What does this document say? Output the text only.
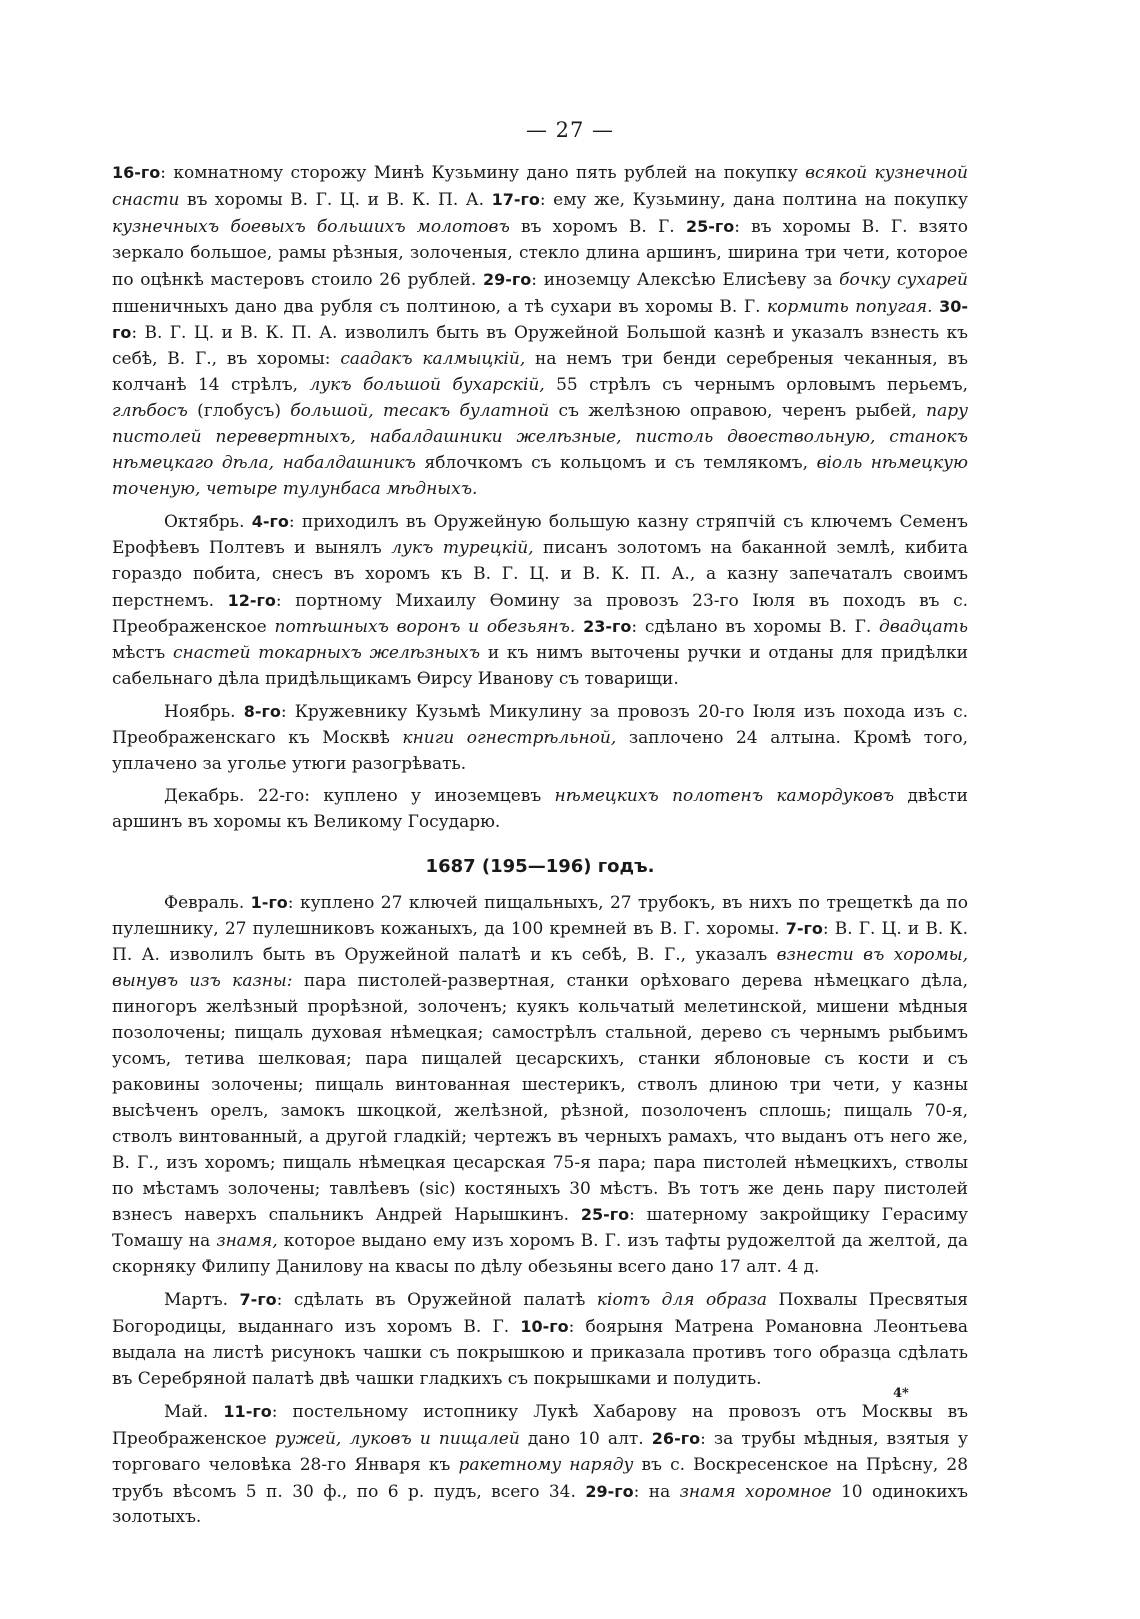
— 27 —

16-го: комнатному сторожу Минѣ Кузьмину дано пять рублей на покупку всякой кузнечной снасти въ хоромы В. Г. Ц. и В. К. П. А. 17-го: ему же, Кузьмину, дана полтина на покупку кузнечныхъ боевыхъ большихъ молотовъ въ хоромъ В. Г. 25-го: въ хоромы В. Г. взято зеркало большое, рамы рѣзныя, золоченыя, стекло длина аршинъ, ширина три чети, которое по оцѣнкѣ мастеровъ стоило 26 рублей. 29-го: иноземцу Алексѣю Елисѣеву за бочку сухарей пшеничныхъ дано два рубля съ полтиною, а тѣ сухари въ хоромы В. Г. кормить попугая. 30-го: В. Г. Ц. и В. К. П. А. изволилъ быть въ Оружейной Большой казнѣ и указалъ взнесть къ себѣ, В. Г., въ хоромы: саадакъ калмыцкій, на немъ три бенди серебреныя чеканныя, въ колчанѣ 14 стрѣлъ, лукъ большой бухарскій, 55 стрѣлъ съ чернымъ орловымъ перьемъ, глѣбосъ (глобусъ) большой, тесакъ булатной съ желѣзною оправою, черенъ рыбей, пару пистолей перевертныхъ, набалдашники желѣзные, пистоль двоествольную, станокъ нѣмецкаго дѣла, набалдашникъ яблочкомъ съ кольцомъ и съ темлякомъ, віоль нѣмецкую точеную, четыре тулунбаса мѣдныхъ.

Октябрь. 4-го: приходилъ въ Оружейную большую казну стряпчій съ ключемъ Семенъ Ерофѣевъ Полтевъ и вынялъ лукъ турецкій, писанъ золотомъ на баканной землѣ, кибита гораздо побита, снесъ въ хоромъ къ В. Г. Ц. и В. К. П. А., а казну запечаталъ своимъ перстнемъ. 12-го: портному Михаилу Ѳомину за провозъ 23-го Іюля въ походъ въ с. Преображенское потѣшныхъ воронъ и обезьянъ. 23-го: сдѣлано въ хоромы В. Г. двадцать мѣстъ снастей токарныхъ желѣзныхъ и къ нимъ выточены ручки и отданы для придѣлки сабельнаго дѣла придѣльщикамъ Ѳирсу Иванову съ товарищи.

Ноябрь. 8-го: Кружевнику Кузьмѣ Микулину за провозъ 20-го Іюля изъ похода изъ с. Преображенскаго къ Москвѣ книги огнестрѣльной, заплочено 24 алтына. Кромѣ того, уплачено за уголье утюги разогрѣвать.

Декабрь. 22-го: куплено у иноземцевъ нѣмецкихъ полотенъ камордуковъ двѣсти аршинъ въ хоромы къ Великому Государю.

1687 (195—196) годъ.

Февраль. 1-го: куплено 27 ключей пищальныхъ, 27 трубокъ, въ нихъ по трещеткѣ да по пулешнику, 27 пулешниковъ кожаныхъ, да 100 кремней въ В. Г. хоромы. 7-го: В. Г. Ц. и В. К. П. А. изволилъ быть въ Оружейной палатѣ и къ себѣ, В. Г., указалъ взнести въ хоромы, вынувъ изъ казны: пара пистолей-развертная, станки орѣховаго дерева нѣмецкаго дѣла, пиногоръ желѣзный прорѣзной, золоченъ; куякъ кольчатый мелетинской, мишени мѣдныя позолочены; пищаль духовая нѣмецкая; самострѣлъ стальной, дерево съ чернымъ рыбьимъ усомъ, тетива шелковая; пара пищалей цесарскихъ, станки яблоновые съ кости и съ раковины золочены; пищаль винтованная шестерикъ, стволъ длиною три чети, у казны высѣченъ орелъ, замокъ шкоцкой, желѣзной, рѣзной, позолоченъ сплошь; пищаль 70-я, стволъ винтованный, а другой гладкій; чертежъ въ черныхъ рамахъ, что выданъ отъ него же, В. Г., изъ хоромъ; пищаль нѣмецкая цесарская 75-я пара; пара пистолей нѣмецкихъ, стволы по мѣстамъ золочены; тавлѣевъ (sic) костяныхъ 30 мѣстъ. Въ тотъ же день пару пистолей взнесъ наверхъ спальникъ Андрей Нарышкинъ. 25-го: шатерному закройщику Герасиму Томашу на знамя, которое выдано ему изъ хоромъ В. Г. изъ тафты рудожелтой да желтой, да скорняку Филипу Данилову на квасы по дѣлу обезьяны всего дано 17 алт. 4 д.

Мартъ. 7-го: сдѣлать въ Оружейной палатѣ кіотъ для образа Похвалы Пресвятыя Богородицы, выданнаго изъ хоромъ В. Г. 10-го: боярыня Матрена Романовна Леонтьева выдала на листѣ рисунокъ чашки съ покрышкою и приказала противъ того образца сдѣлать въ Серебряной палатѣ двѣ чашки гладкихъ съ покрышками и полудить.

Май. 11-го: постельному истопнику Лукѣ Хабарову на провозъ отъ Москвы въ Преображенское ружей, луковъ и пищалей дано 10 алт. 26-го: за трубы мѣдныя, взятыя у торговаго человѣка 28-го Января къ ракетному наряду въ с. Воскресенское на Прѣсну, 28 трубъ вѣсомъ 5 п. 30 ф., по 6 р. пудъ, всего 34. 29-го: на знамя хоромное 10 одинокихъ золотыхъ.

4*
